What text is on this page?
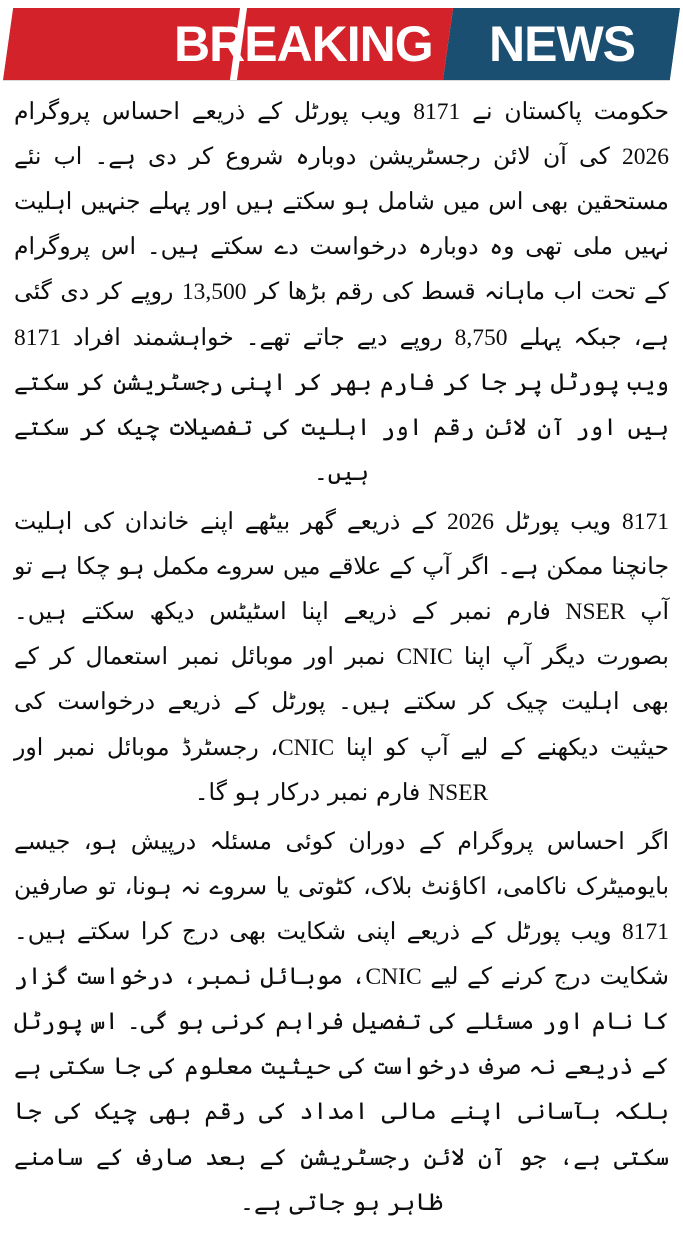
BREAKING NEWS

حکومت پاکستان نے 8171 ویب پورٹل کے ذریعے احساس پروگرام 2026 کی آن لائن رجسٹریشن دوبارہ شروع کر دی ہے۔ اب نئے مستحقین بھی اس میں شامل ہو سکتے ہیں اور پہلے جنہیں اہلیت نہیں ملی تھی وہ دوبارہ درخواست دے سکتے ہیں۔ اس پروگرام کے تحت اب ماہانہ قسط کی رقم بڑھا کر 13,500 روپے کر دی گئی ہے، جبکہ پہلے 8,750 روپے دیے جاتے تھے۔ خواہشمند افراد 8171 ویب پورٹل پر جا کر فارم بھر کر اپنی رجسٹریشن کر سکتے ہیں اور آن لائن رقم اور اہلیت کی تفصیلات چیک کر سکتے ہیں۔

8171 ویب پورٹل 2026 کے ذریعے گھر بیٹھے اپنے خاندان کی اہلیت جانچنا ممکن ہے۔ اگر آپ کے علاقے میں سروے مکمل ہو چکا ہے تو آپ NSER فارم نمبر کے ذریعے اپنا اسٹیٹس دیکھ سکتے ہیں۔ بصورت دیگر آپ اپنا CNIC نمبر اور موبائل نمبر استعمال کر کے بھی اہلیت چیک کر سکتے ہیں۔ پورٹل کے ذریعے درخواست کی حیثیت دیکھنے کے لیے آپ کو اپنا CNIC، رجسٹرڈ موبائل نمبر اور NSER فارم نمبر درکار ہو گا۔

اگر احساس پروگرام کے دوران کوئی مسئلہ درپیش ہو، جیسے بایومیٹرک ناکامی، اکاؤنٹ بلاک، کٹوتی یا سروے نہ ہونا، تو صارفین 8171 ویب پورٹل کے ذریعے اپنی شکایت بھی درج کرا سکتے ہیں۔ شکایت درج کرنے کے لیے CNIC، موبائل نمبر، درخواست گزار کا نام اور مسئلے کی تفصیل فراہم کرنی ہو گی۔ اس پورٹل کے ذریعے نہ صرف درخواست کی حیثیت معلوم کی جا سکتی ہے بلکہ بآسانی اپنے مالی امداد کی رقم بھی چیک کی جا سکتی ہے، جو آن لائن رجسٹریشن کے بعد صارف کے سامنے ظاہر ہو جاتی ہے۔
